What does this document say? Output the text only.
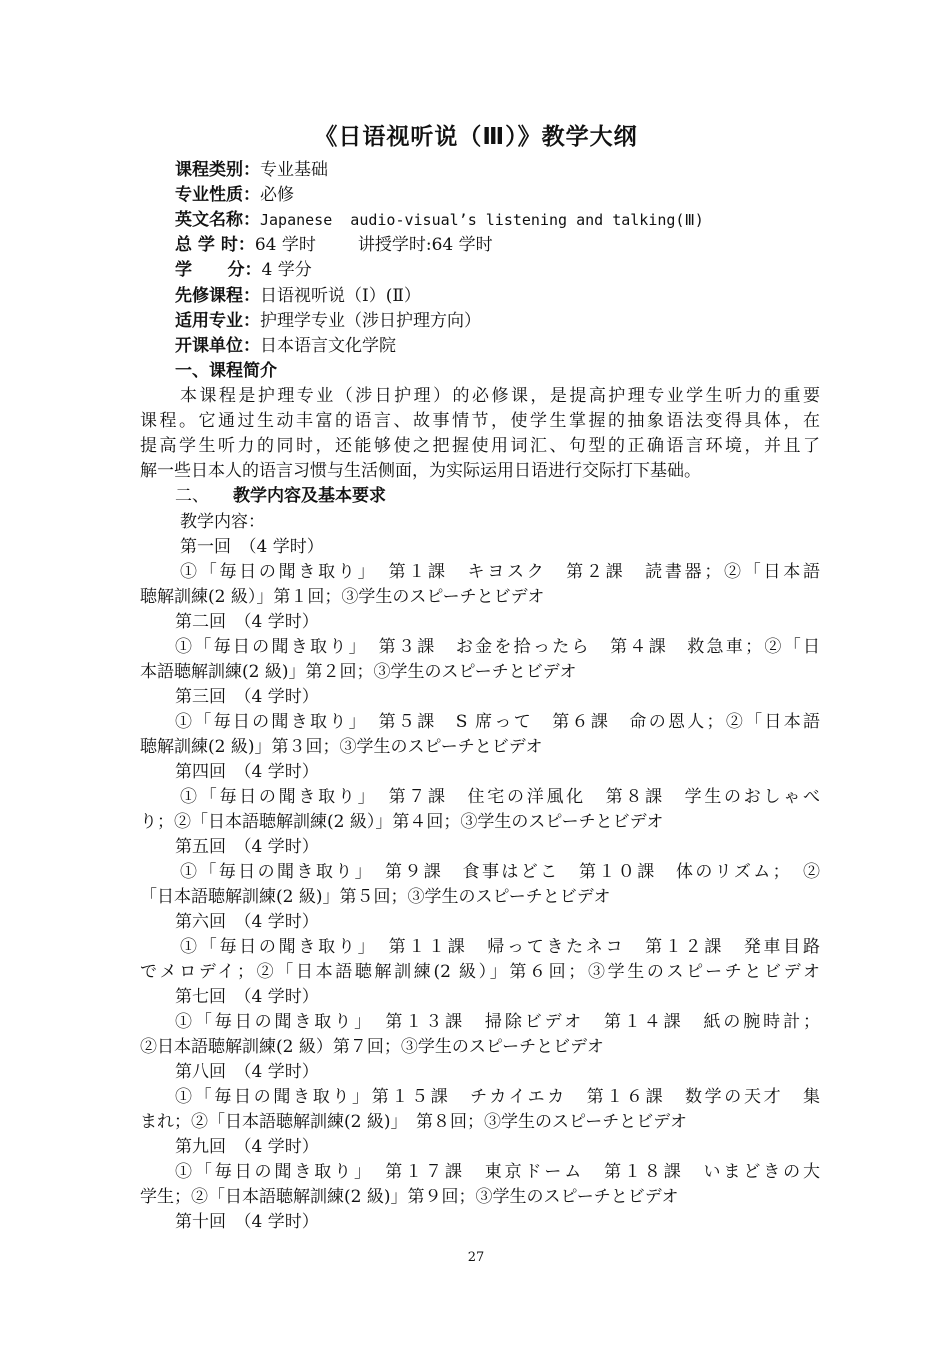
《日语视听说（Ⅲ）》教学大纲
课程类别：专业基础
专业性质：必修
英文名称：Japanese  audio-visual’s listening and talking(Ⅲ)
总 学 时：64 学时 讲授学时:64 学时
学      分：4 学分
先修课程：日语视听说（Ⅰ）(Ⅱ）
适用专业：护理学专业（涉日护理方向）
开课单位：日本语言文化学院
一、课程简介
本课程是护理专业（涉日护理）的必修课，是提高护理专业学生听力的重要
课程。它通过生动丰富的语言、故事情节，使学生掌握的抽象语法变得具体，在
提高学生听力的同时，还能够使之把握使用词汇、句型的正确语言环境，并且了
解一些日本人的语言习惯与生活侧面，为实际运用日语进行交际打下基础。
二、 教学内容及基本要求
教学内容：
第一回　（4 学时）
①「毎日の聞き取り」　第１課　キヨスク　第２課　読書器；②「日本語
聴解訓練(2 級）」第１回；③学生のスピーチとビデオ
第二回　（4 学时）
①「毎日の聞き取り」　第３課　お金を拾ったら　第４課　救急車；②「日
本語聴解訓練(2 級)」第２回；③学生のスピーチとビデオ
第三回　（4 学时）
①「毎日の聞き取り」　第５課　S 席って　第６課　命の恩人；②「日本語
聴解訓練(2 級)」第３回；③学生のスピーチとビデオ
第四回　（4 学时）
①「毎日の聞き取り」　第７課　住宅の洋風化　第８課　学生のおしゃべ
り；②「日本語聴解訓練(2 級）」第４回；③学生のスピーチとビデオ
第五回　（4 学时）
①「毎日の聞き取り」　第９課　食事はどこ　第１０課　体のリズム；　②
「日本語聴解訓練(2 級)」第５回；③学生のスピーチとビデオ
第六回　（4 学时）
①「毎日の聞き取り」　第１１課　帰ってきたネコ　第１２課　発車目路
でメロデイ；②「日本語聴解訓練(2 級）」第６回；③学生のスピーチとビデオ
第七回　（4 学时）
①「毎日の聞き取り」　第１３課　掃除ビデオ　第１４課　紙の腕時計；
②日本語聴解訓練(2 級）第７回；③学生のスピーチとビデオ
第八回　（4 学时）
①「毎日の聞き取り」第１５課　チカイエカ　第１６課　数学の天才　集
まれ；②「日本語聴解訓練(2 級)」　第８回；③学生のスピーチとビデオ
第九回　（4 学时）
①「毎日の聞き取り」　第１７課　東京ドーム　第１８課　いまどきの大
学生；②「日本語聴解訓練(2 級)」第９回；③学生のスピーチとビデオ
第十回　（4 学时）
27
